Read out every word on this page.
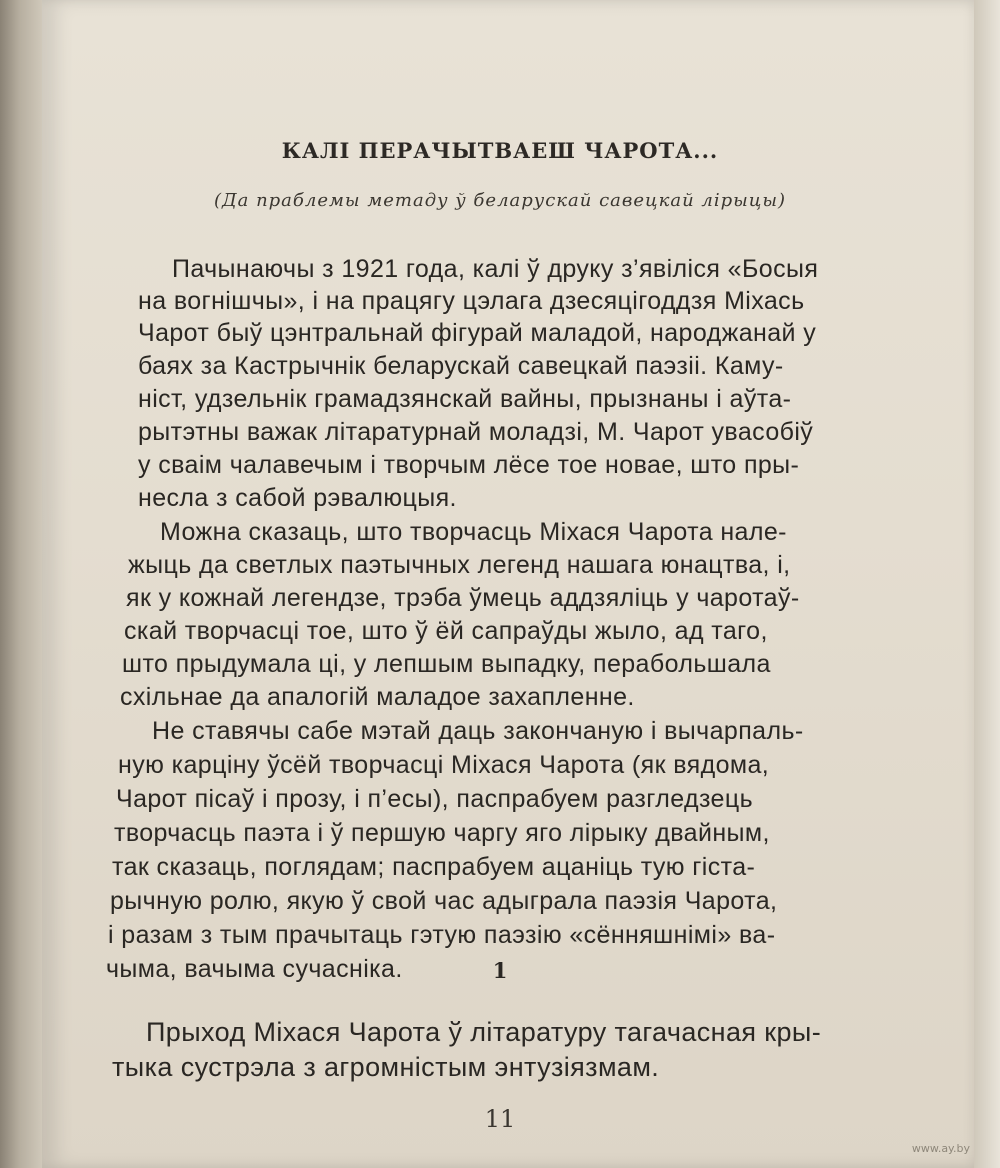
КАЛІ ПЕРАЧЫТВАЕШ ЧАРОТА...
(Да праблемы метаду ў беларускай савецкай лірыцы)
Пачынаючы з 1921 года, калі ў друку з’явіліся «Босыя
на вогнішчы», і на працягу цэлага дзесяцігоддзя Міхась
Чарот быў цэнтральнай фігурай маладой, народжанай у
баях за Кастрычнік беларускай савецкай паэзіі. Каму-
ніст, удзельнік грамадзянскай вайны, прызнаны і аўта-
рытэтны важак літаратурнай моладзі, М. Чарот увасобіў
у сваім чалавечым і творчым лёсе тое новае, што пры-
несла з сабой рэвалюцыя.
Можна сказаць, што творчасць Міхася Чарота нале-
жыць да светлых паэтычных легенд нашага юнацтва, і,
як у кожнай легендзе, трэба ўмець аддзяліць у чаротаў-
скай творчасці тое, што ў ёй сапраўды жыло, ад таго,
што прыдумала ці, у лепшым выпадку, перабольшала
схільнае да апалогій маладое захапленне.
Не ставячы сабе мэтай даць закончаную і вычарпаль-
ную карціну ўсёй творчасці Міхася Чарота (як вядома,
Чарот пісаў і прозу, і п’есы), паспрабуем разгледзець
творчасць паэта і ў першую чаргу яго лірыку двайным,
так сказаць, поглядам; паспрабуем ацаніць тую гіста-
рычную ролю, якую ў свой час адыграла паэзія Чарота,
і разам з тым прачытаць гэтую паэзію «сённяшнімі» ва-
чыма, вачыма сучасніка.	1
Прыход Міхася Чарота ў літаратуру тагачасная кры-
тыка сустрэла з агромністым энтузіязмам.
11
www.ay.by
